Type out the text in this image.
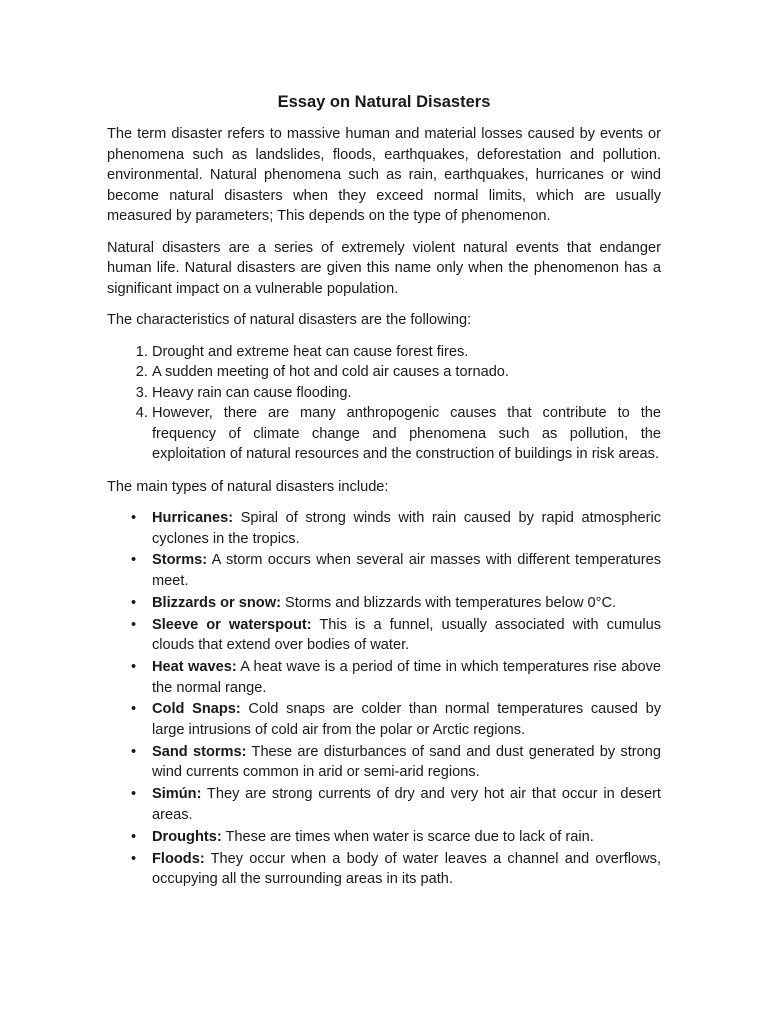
Essay on Natural Disasters

The term disaster refers to massive human and material losses caused by events or phenomena such as landslides, floods, earthquakes, deforestation and pollution. environmental. Natural phenomena such as rain, earthquakes, hurricanes or wind become natural disasters when they exceed normal limits, which are usually measured by parameters; This depends on the type of phenomenon.

Natural disasters are a series of extremely violent natural events that endanger human life. Natural disasters are given this name only when the phenomenon has a significant impact on a vulnerable population.

The characteristics of natural disasters are the following:

1. Drought and extreme heat can cause forest fires.
2. A sudden meeting of hot and cold air causes a tornado.
3. Heavy rain can cause flooding.
4. However, there are many anthropogenic causes that contribute to the frequency of climate change and phenomena such as pollution, the exploitation of natural resources and the construction of buildings in risk areas.

The main types of natural disasters include:

• Hurricanes: Spiral of strong winds with rain caused by rapid atmospheric cyclones in the tropics.
• Storms: A storm occurs when several air masses with different temperatures meet.
• Blizzards or snow: Storms and blizzards with temperatures below 0°C.
• Sleeve or waterspout: This is a funnel, usually associated with cumulus clouds that extend over bodies of water.
• Heat waves: A heat wave is a period of time in which temperatures rise above the normal range.
• Cold Snaps: Cold snaps are colder than normal temperatures caused by large intrusions of cold air from the polar or Arctic regions.
• Sand storms: These are disturbances of sand and dust generated by strong wind currents common in arid or semi-arid regions.
• Simún: They are strong currents of dry and very hot air that occur in desert areas.
• Droughts: These are times when water is scarce due to lack of rain.
• Floods: They occur when a body of water leaves a channel and overflows, occupying all the surrounding areas in its path.
